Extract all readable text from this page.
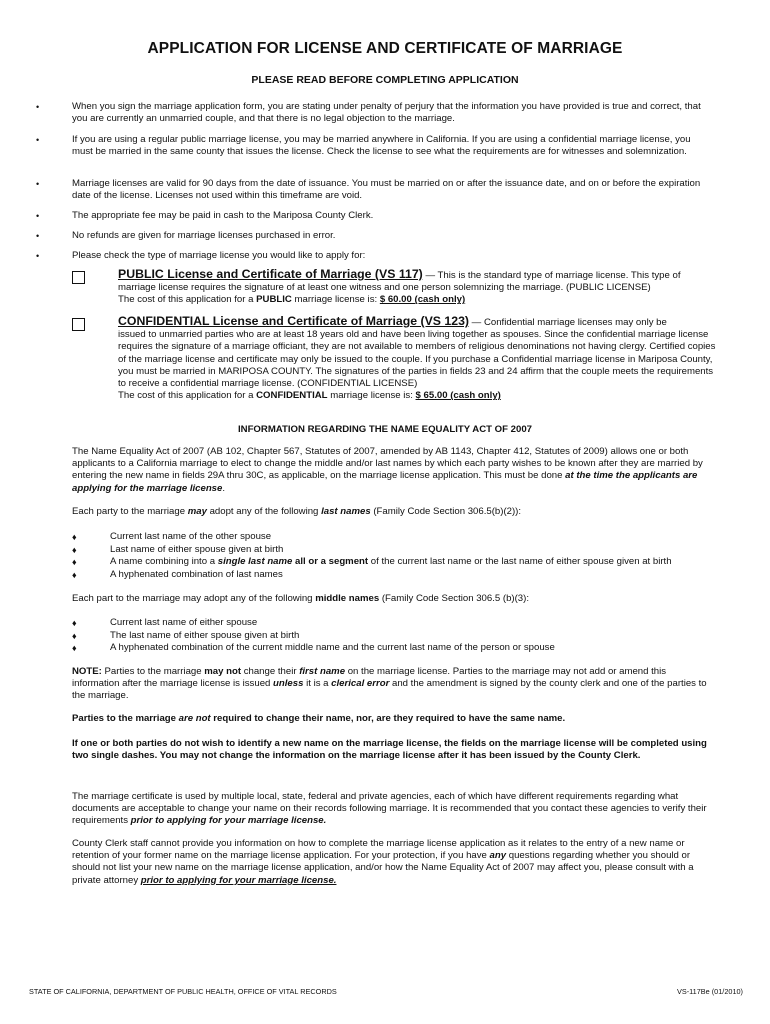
APPLICATION FOR LICENSE AND CERTIFICATE OF MARRIAGE
PLEASE READ BEFORE COMPLETING APPLICATION
•	When you sign the marriage application form, you are stating under penalty of perjury that the information you have provided is true and correct, that you are currently an unmarried couple, and that there is no legal objection to the marriage.
•	If you are using a regular public marriage license, you may be married anywhere in California. If you are using a confidential marriage license, you must be married in the same county that issues the license. Check the license to see what the requirements are for witnesses and solemnization.
•	Marriage licenses are valid for 90 days from the date of issuance. You must be married on or after the issuance date, and on or before the expiration date of the license. Licenses not used within this timeframe are void.
•	The appropriate fee may be paid in cash to the Mariposa County Clerk.
•	No refunds are given for marriage licenses purchased in error.
•	Please check the type of marriage license you would like to apply for:
PUBLIC License and Certificate of Marriage (VS 117) — This is the standard type of marriage license. This type of
marriage license requires the signature of at least one witness and one person solemnizing the marriage. (PUBLIC LICENSE)
The cost of this application for a PUBLIC marriage license is: $ 60.00 (cash only)
CONFIDENTIAL License and Certificate of Marriage (VS 123) — Confidential marriage licenses may only be
issued to unmarried parties who are at least 18 years old and have been living together as spouses. Since the confidential marriage license requires the signature of a marriage officiant, they are not available to members of religious denominations not having clergy. Certified copies of the marriage license and certificate may only be issued to the couple. If you purchase a Confidential marriage license in Mariposa County, you must be married in MARIPOSA COUNTY. The signatures of the parties in fields 23 and 24 affirm that the couple meets the requirements to receive a confidential marriage license. (CONFIDENTIAL LICENSE)
The cost of this application for a CONFIDENTIAL marriage license is: $ 65.00 (cash only)
INFORMATION REGARDING THE NAME EQUALITY ACT OF 2007
The Name Equality Act of 2007 (AB 102, Chapter 567, Statutes of 2007, amended by AB 1143, Chapter 412, Statutes of 2009) allows one or both applicants to a California marriage to elect to change the middle and/or last names by which each party wishes to be known after they are married by entering the new name in fields 29A thru 30C, as applicable, on the marriage license application. This must be done at the time the applicants are applying for the marriage license.
Each party to the marriage may adopt any of the following last names (Family Code Section 306.5(b)(2)):
♦	Current last name of the other spouse
♦	Last name of either spouse given at birth
♦	A name combining into a single last name all or a segment of the current last name or the last name of either spouse given at birth
♦	A hyphenated combination of last names
Each part to the marriage may adopt any of the following middle names (Family Code Section 306.5 (b)(3):
♦	Current last name of either spouse
♦	The last name of either spouse given at birth
♦	A hyphenated combination of the current middle name and the current last name of the person or spouse
NOTE: Parties to the marriage may not change their first name on the marriage license. Parties to the marriage may not add or amend this information after the marriage license is issued unless it is a clerical error and the amendment is signed by the county clerk and one of the parties to the marriage.
Parties to the marriage are not required to change their name, nor, are they required to have the same name.
If one or both parties do not wish to identify a new name on the marriage license, the fields on the marriage license will be completed using two single dashes. You may not change the information on the marriage license after it has been issued by the County Clerk.
The marriage certificate is used by multiple local, state, federal and private agencies, each of which have different requirements regarding what documents are acceptable to change your name on their records following marriage. It is recommended that you contact these agencies to verify their requirements prior to applying for your marriage license.
County Clerk staff cannot provide you information on how to complete the marriage license application as it relates to the entry of a new name or retention of your former name on the marriage license application. For your protection, if you have any questions regarding whether you should or should not list your new name on the marriage license application, and/or how the Name Equality Act of 2007 may affect you, please consult with a private attorney prior to applying for your marriage license.
STATE OF CALIFORNIA, DEPARTMENT OF PUBLIC HEALTH, OFFICE OF VITAL RECORDS	VS-117Be (01/2010)
